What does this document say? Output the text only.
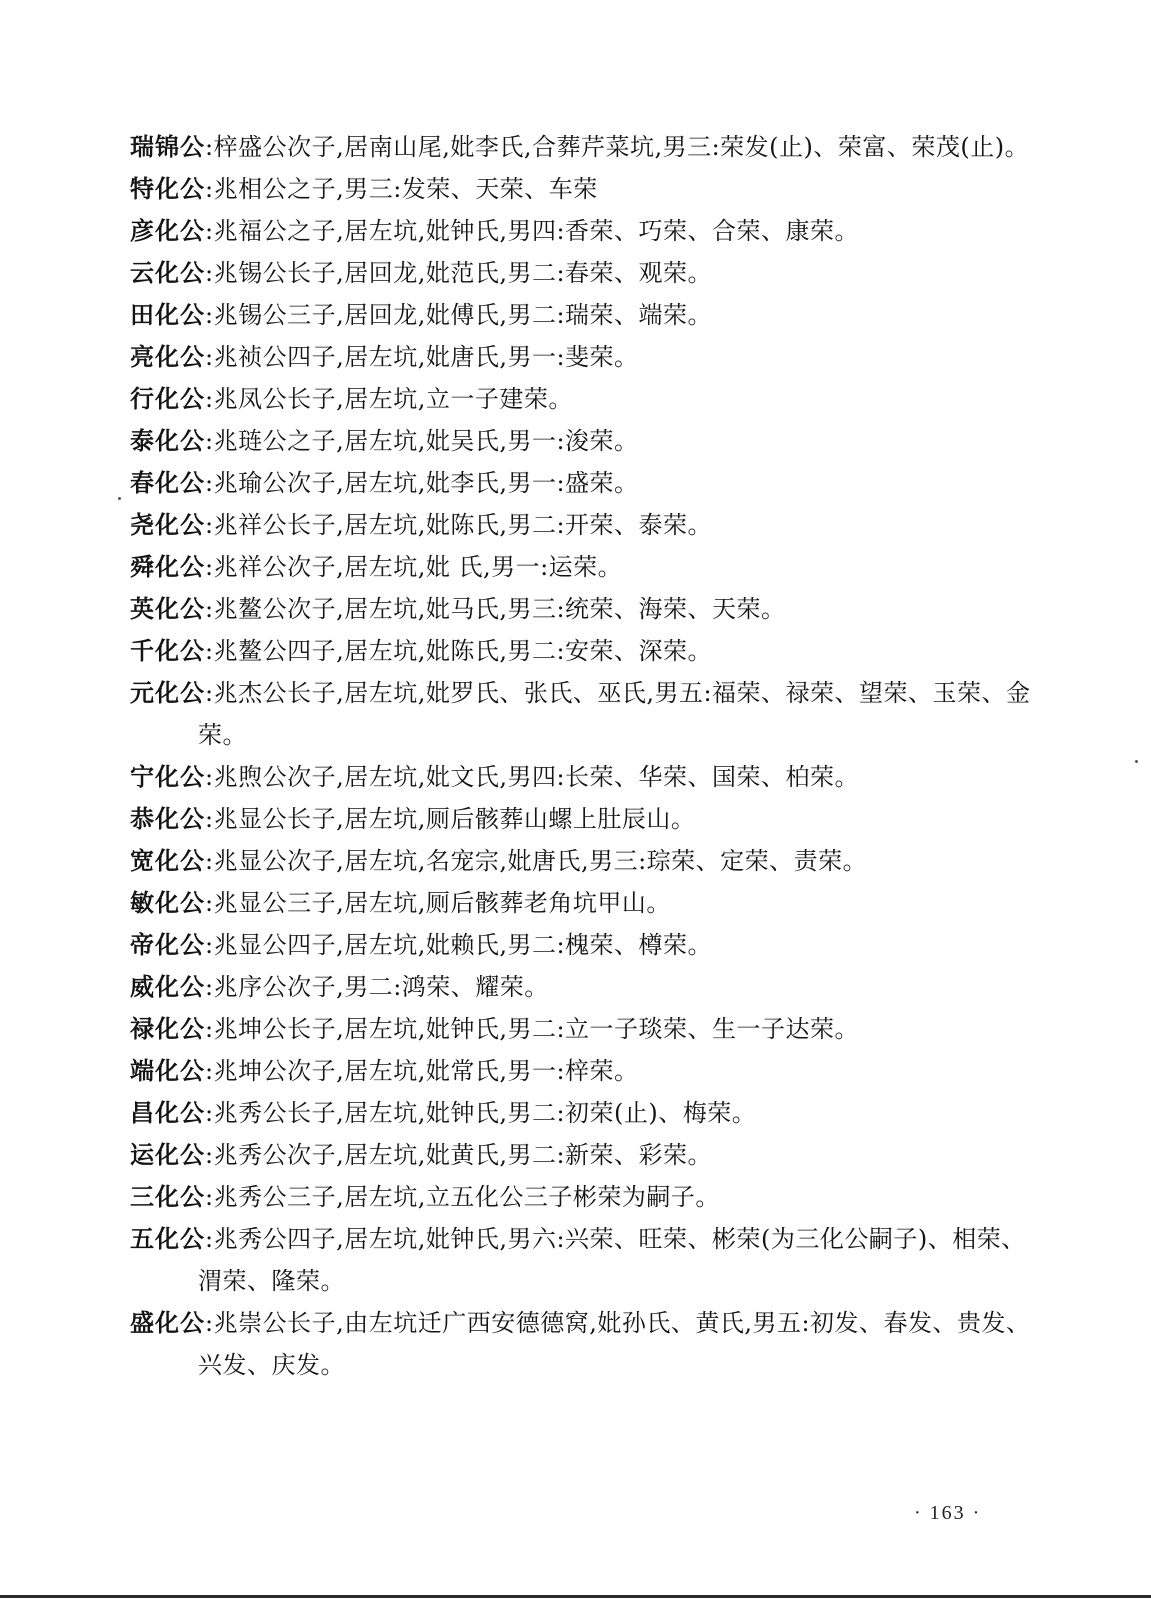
瑞锦公:梓盛公次子,居南山尾,妣李氏,合葬芹菜坑,男三:荣发(止)、荣富、荣茂(止)。

特化公:兆相公之子,男三:发荣、天荣、车荣

彦化公:兆福公之子,居左坑,妣钟氏,男四:香荣、巧荣、合荣、康荣。

云化公:兆锡公长子,居回龙,妣范氏,男二:春荣、观荣。

田化公:兆锡公三子,居回龙,妣傅氏,男二:瑞荣、端荣。

亮化公:兆祯公四子,居左坑,妣唐氏,男一:斐荣。

行化公:兆凤公长子,居左坑,立一子建荣。

泰化公:兆琏公之子,居左坑,妣吴氏,男一:浚荣。

春化公:兆瑜公次子,居左坑,妣李氏,男一:盛荣。

尧化公:兆祥公长子,居左坑,妣陈氏,男二:开荣、泰荣。

舜化公:兆祥公次子,居左坑,妣 氏,男一:运荣。

英化公:兆鳌公次子,居左坑,妣马氏,男三:统荣、海荣、天荣。

千化公:兆鳌公四子,居左坑,妣陈氏,男二:安荣、深荣。

元化公:兆杰公长子,居左坑,妣罗氏、张氏、巫氏,男五:福荣、禄荣、望荣、玉荣、金荣。

宁化公:兆煦公次子,居左坑,妣文氏,男四:长荣、华荣、国荣、柏荣。

恭化公:兆显公长子,居左坑,厕后骸葬山螺上肚辰山。

宽化公:兆显公次子,居左坑,名宠宗,妣唐氏,男三:琮荣、定荣、责荣。

敏化公:兆显公三子,居左坑,厕后骸葬老角坑甲山。

帝化公:兆显公四子,居左坑,妣赖氏,男二:槐荣、樽荣。

威化公:兆序公次子,男二:鸿荣、耀荣。

禄化公:兆坤公长子,居左坑,妣钟氏,男二:立一子琰荣、生一子达荣。

端化公:兆坤公次子,居左坑,妣常氏,男一:梓荣。

昌化公:兆秀公长子,居左坑,妣钟氏,男二:初荣(止)、梅荣。

运化公:兆秀公次子,居左坑,妣黄氏,男二:新荣、彩荣。

三化公:兆秀公三子,居左坑,立五化公三子彬荣为嗣子。

五化公:兆秀公四子,居左坑,妣钟氏,男六:兴荣、旺荣、彬荣(为三化公嗣子)、相荣、渭荣、隆荣。

盛化公:兆崇公长子,由左坑迁广西安德德窝,妣孙氏、黄氏,男五:初发、春发、贵发、兴发、庆发。

· 163 ·
